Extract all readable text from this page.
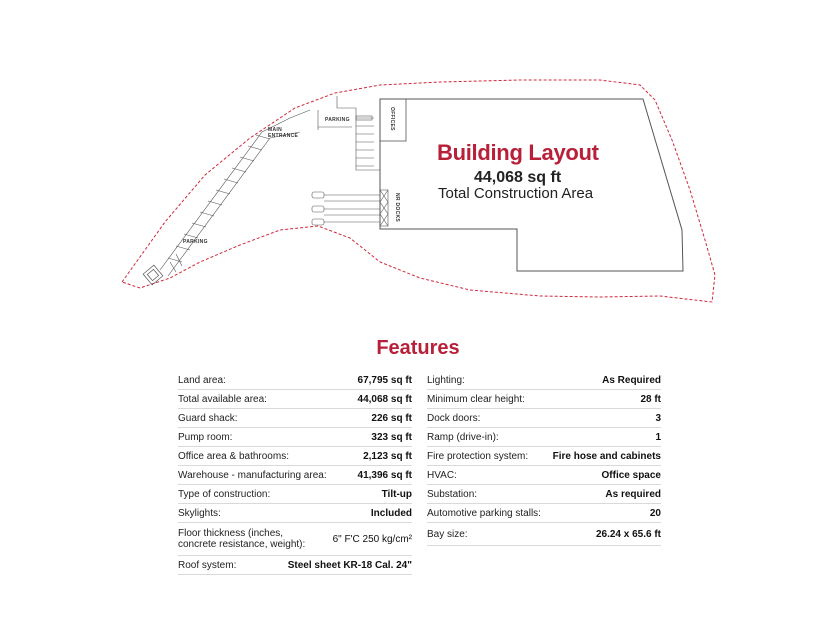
PARKING
MAIN
ENTRANCE
OFFICES
NR DOCKS
PARKING
Building Layout
44,068 sq ft
Total Construction Area
Features
Land area:	67,795 sq ft
Total available area:	44,068 sq ft
Guard shack:	226 sq ft
Pump room:	323 sq ft
Office area & bathrooms:	2,123 sq ft
Warehouse - manufacturing area:	41,396 sq ft
Type of construction:	Tilt-up
Skylights:	Included
Floor thickness (inches, concrete resistance, weight):	6" F'C 250 kg/cm²
Roof system:	Steel sheet KR-18 Cal. 24"
Lighting:	As Required
Minimum clear height:	28 ft
Dock doors:	3
Ramp (drive-in):	1
Fire protection system: Fire hose and cabinets
HVAC:	Office space
Substation:	As required
Automotive parking stalls:	20
Bay size:	26.24 x 65.6 ft
